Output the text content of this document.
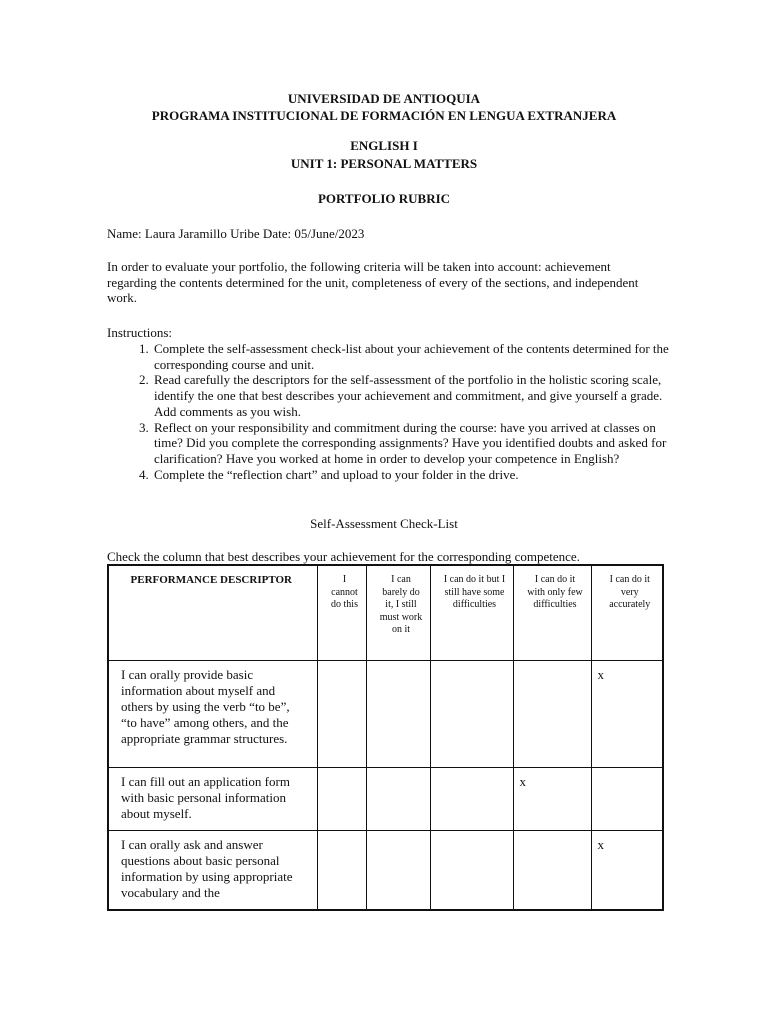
UNIVERSIDAD DE ANTIOQUIA
PROGRAMA INSTITUCIONAL DE FORMACIÓN EN LENGUA EXTRANJERA
ENGLISH I
UNIT 1: PERSONAL MATTERS
PORTFOLIO RUBRIC
Name: Laura Jaramillo Uribe Date: 05/June/2023
In order to evaluate your portfolio, the following criteria will be taken into account: achievement regarding the contents determined for the unit, completeness of every of the sections, and independent work.
Instructions:
1. Complete the self-assessment check-list about your achievement of the contents determined for the corresponding course and unit.
2. Read carefully the descriptors for the self-assessment of the portfolio in the holistic scoring scale, identify the one that best describes your achievement and commitment, and give yourself a grade. Add comments as you wish.
3. Reflect on your responsibility and commitment during the course: have you arrived at classes on time? Did you complete the corresponding assignments? Have you identified doubts and asked for clarification? Have you worked at home in order to develop your competence in English?
4. Complete the “reflection chart” and upload to your folder in the drive.
Self-Assessment Check-List
Check the column that best describes your achievement for the corresponding competence.
PERFORMANCE DESCRIPTOR	I cannot do this	I can barely do it, I still must work on it	I can do it but I still have some difficulties	I can do it with only few difficulties	I can do it very accurately

I can orally provide basic information about myself and others by using the verb “to be”, “to have” among others, and the appropriate grammar structures.					x

I can fill out an application form with basic personal information about myself.				x	

I can orally ask and answer questions about basic personal information by using appropriate vocabulary and the					x
